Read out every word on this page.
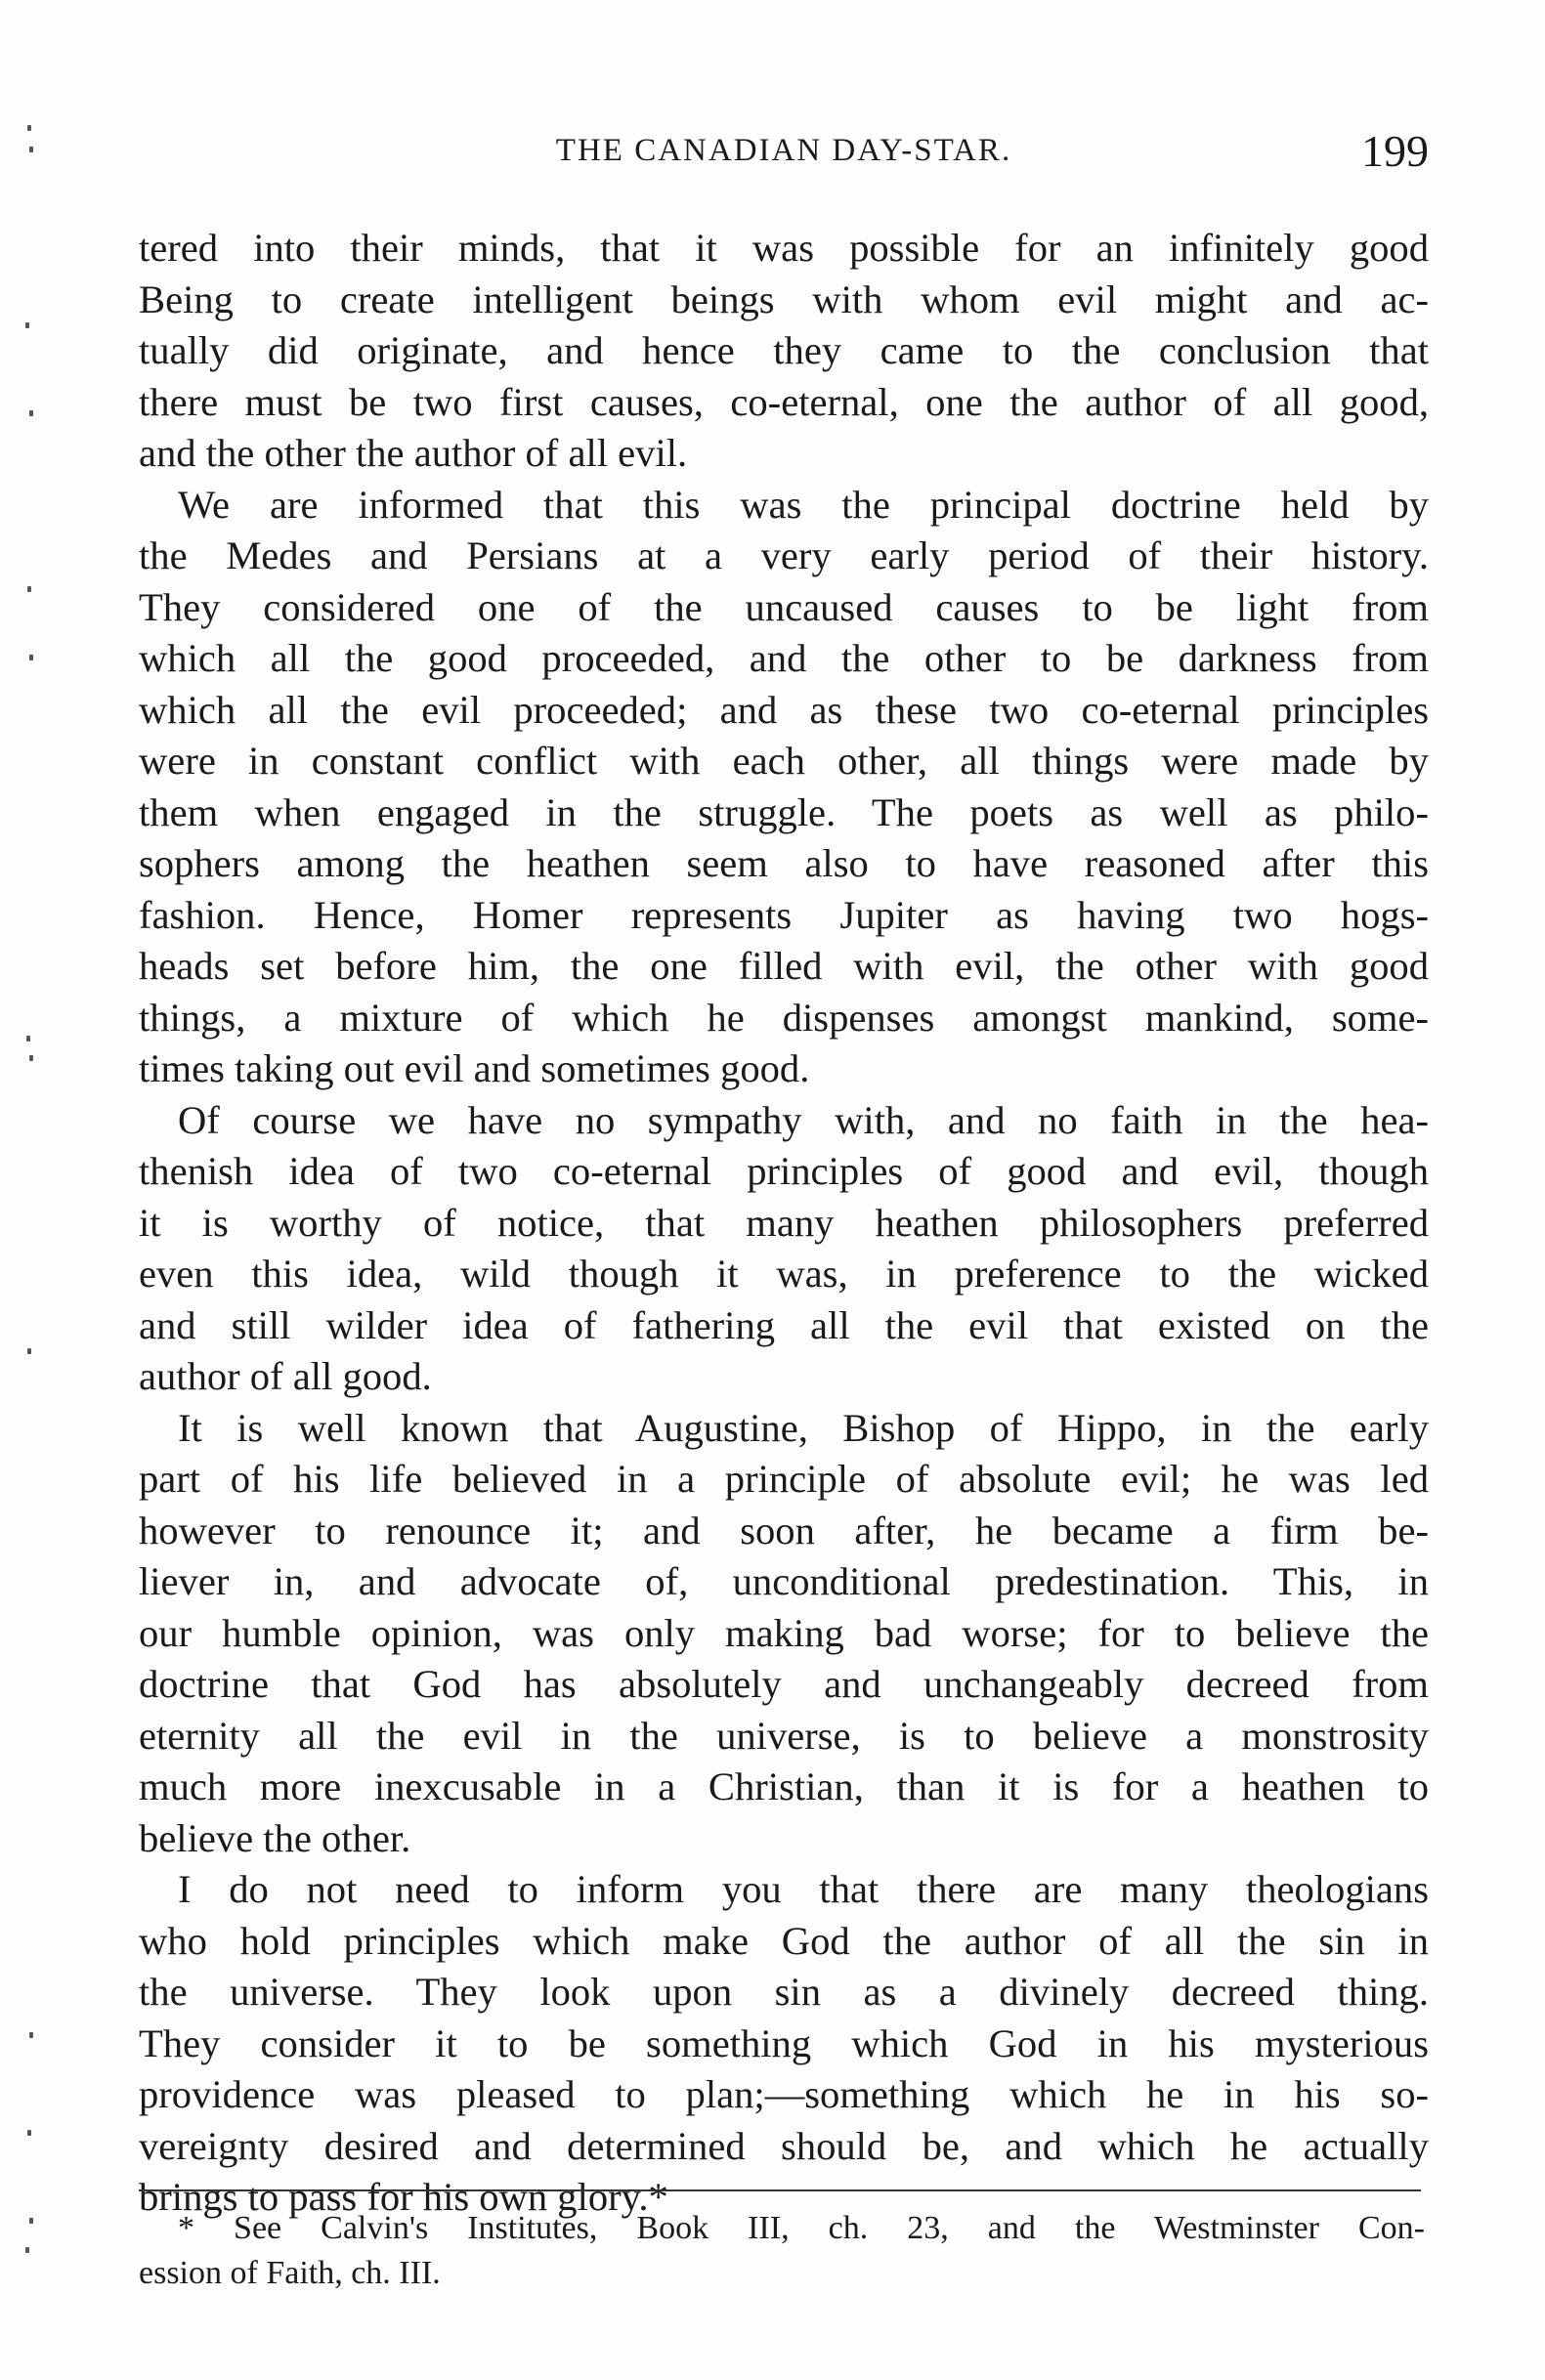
THE CANADIAN DAY-STAR.	199
tered into their minds, that it was possible for an infinitely good
Being to create intelligent beings with whom evil might and ac-
tually did originate, and hence they came to the conclusion that
there must be two first causes, co-eternal, one the author of all good,
and the other the author of all evil.
We are informed that this was the principal doctrine held by
the Medes and Persians at a very early period of their history.
They considered one of the uncaused causes to be light from
which all the good proceeded, and the other to be darkness from
which all the evil proceeded; and as these two co-eternal principles
were in constant conflict with each other, all things were made by
them when engaged in the struggle. The poets as well as philo-
sophers among the heathen seem also to have reasoned after this
fashion. Hence, Homer represents Jupiter as having two hogs-
heads set before him, the one filled with evil, the other with good
things, a mixture of which he dispenses amongst mankind, some-
times taking out evil and sometimes good.
Of course we have no sympathy with, and no faith in the hea-
thenish idea of two co-eternal principles of good and evil, though
it is worthy of notice, that many heathen philosophers preferred
even this idea, wild though it was, in preference to the wicked
and still wilder idea of fathering all the evil that existed on the
author of all good.
It is well known that Augustine, Bishop of Hippo, in the early
part of his life believed in a principle of absolute evil; he was led
however to renounce it; and soon after, he became a firm be-
liever in, and advocate of, unconditional predestination. This, in
our humble opinion, was only making bad worse; for to believe the
doctrine that God has absolutely and unchangeably decreed from
eternity all the evil in the universe, is to believe a monstrosity
much more inexcusable in a Christian, than it is for a heathen to
believe the other.
I do not need to inform you that there are many theologians
who hold principles which make God the author of all the sin in
the universe. They look upon sin as a divinely decreed thing.
They consider it to be something which God in his mysterious
providence was pleased to plan;—something which he in his so-
vereignty desired and determined should be, and which he actually
brings to pass for his own glory.*
* See Calvin's Institutes, Book III, ch. 23, and the Westminster Con-
ession of Faith, ch. III.
